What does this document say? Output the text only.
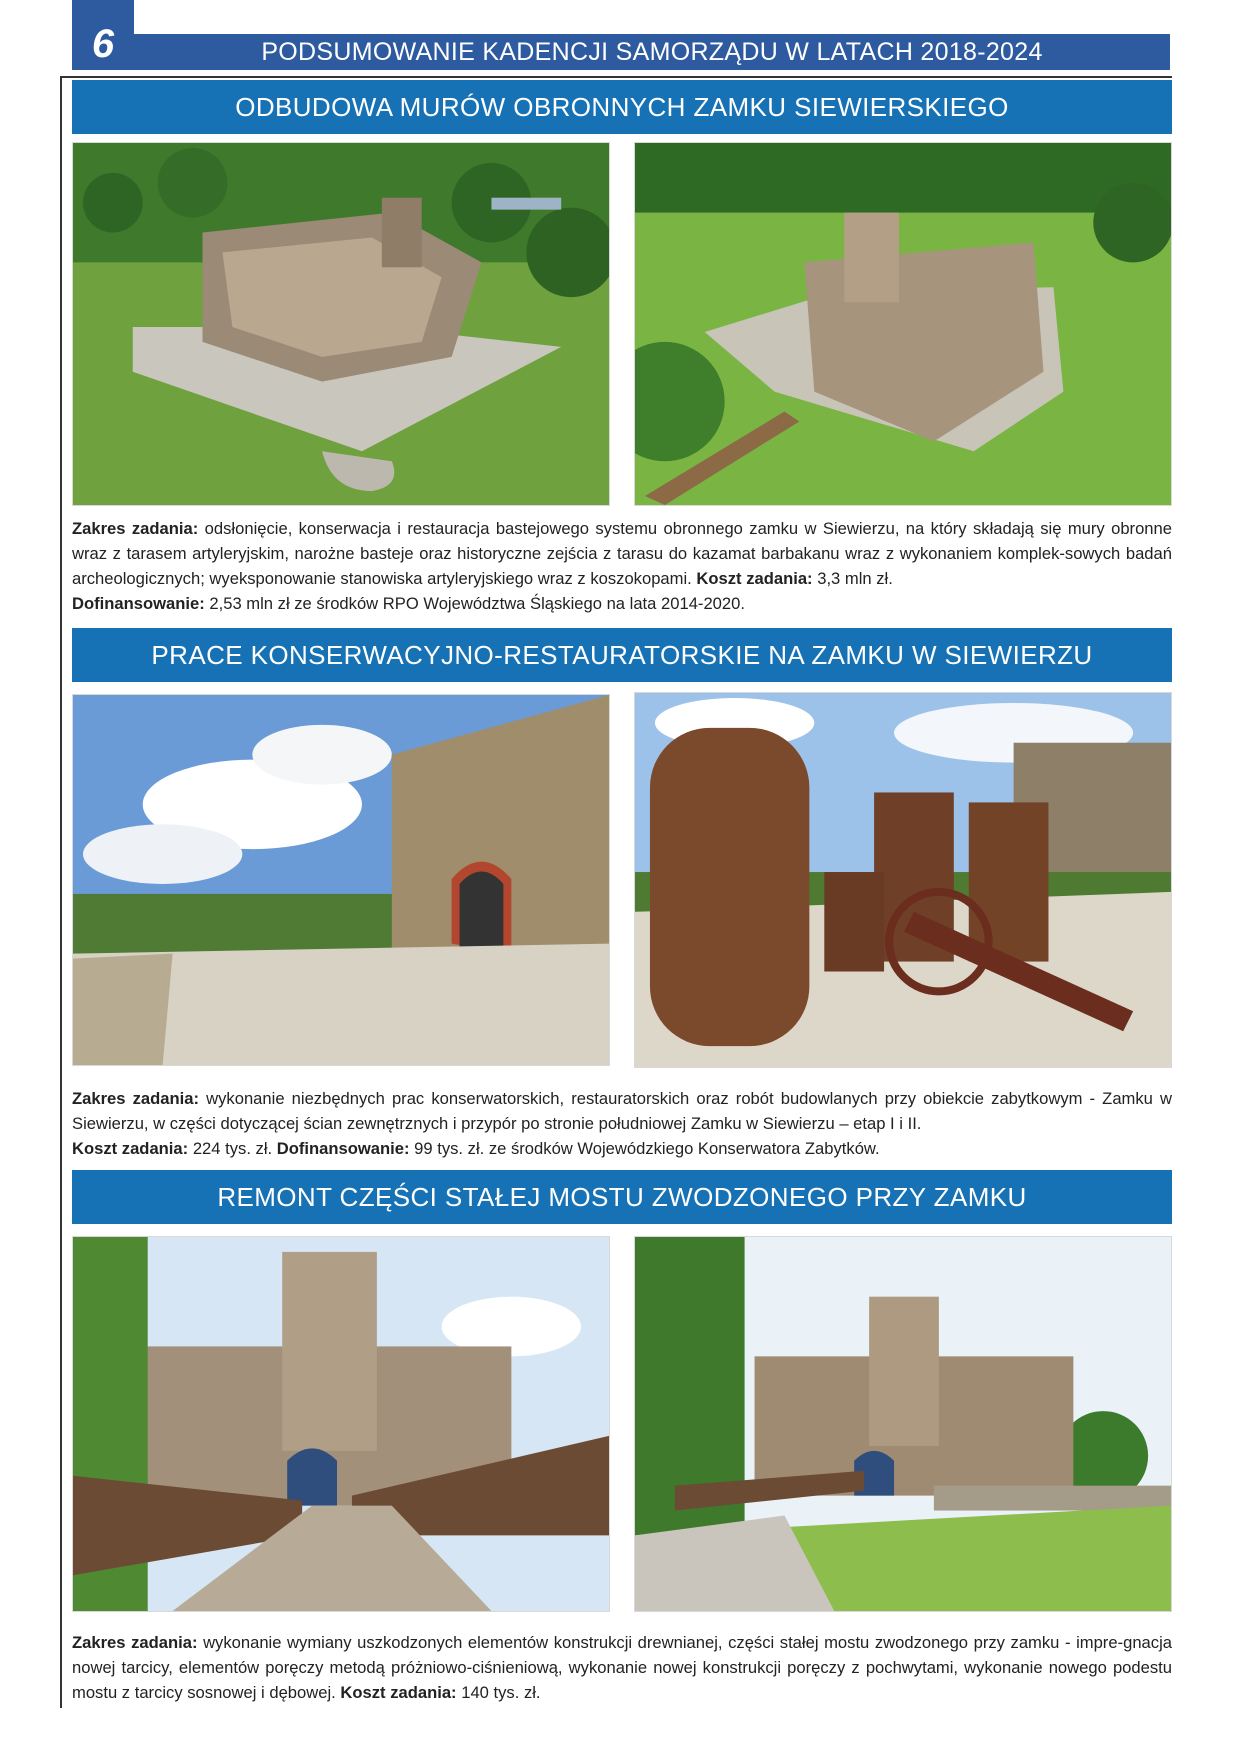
6	PODSUMOWANIE KADENCJI SAMORZĄDU W LATACH 2018-2024
ODBUDOWA MURÓW OBRONNYCH ZAMKU SIEWIERSKIEGO
Zakres zadania: odsłonięcie, konserwacja i restauracja bastejowego systemu obronnego zamku w Siewierzu, na który składają się mury obronne wraz z tarasem artyleryjskim, narożne basteje oraz historyczne zejścia z tarasu do kazamat barbakanu wraz z wykonaniem komplek-sowych badań archeologicznych; wyeksponowanie stanowiska artyleryjskiego wraz z koszokopami. Koszt zadania: 3,3 mln zł.
Dofinansowanie: 2,53 mln zł ze środków RPO Województwa Śląskiego na lata 2014-2020.
PRACE KONSERWACYJNO-RESTAURATORSKIE NA ZAMKU W SIEWIERZU
Zakres zadania: wykonanie niezbędnych prac konserwatorskich, restauratorskich oraz robót budowlanych przy obiekcie zabytkowym - Zamku w Siewierzu, w części dotyczącej ścian zewnętrznych i przypór po stronie południowej Zamku w Siewierzu – etap I i II.
Koszt zadania: 224 tys. zł. Dofinansowanie: 99 tys. zł. ze środków Wojewódzkiego Konserwatora Zabytków.
REMONT CZĘŚCI STAŁEJ MOSTU ZWODZONEGO PRZY ZAMKU
Zakres zadania: wykonanie wymiany uszkodzonych elementów konstrukcji drewnianej, części stałej mostu zwodzonego przy zamku - impre-gnacja nowej tarcicy, elementów poręczy metodą próżniowo-ciśnieniową, wykonanie nowej konstrukcji poręczy z pochwytami, wykonanie nowego podestu mostu z tarcicy sosnowej i dębowej. Koszt zadania: 140 tys. zł.
